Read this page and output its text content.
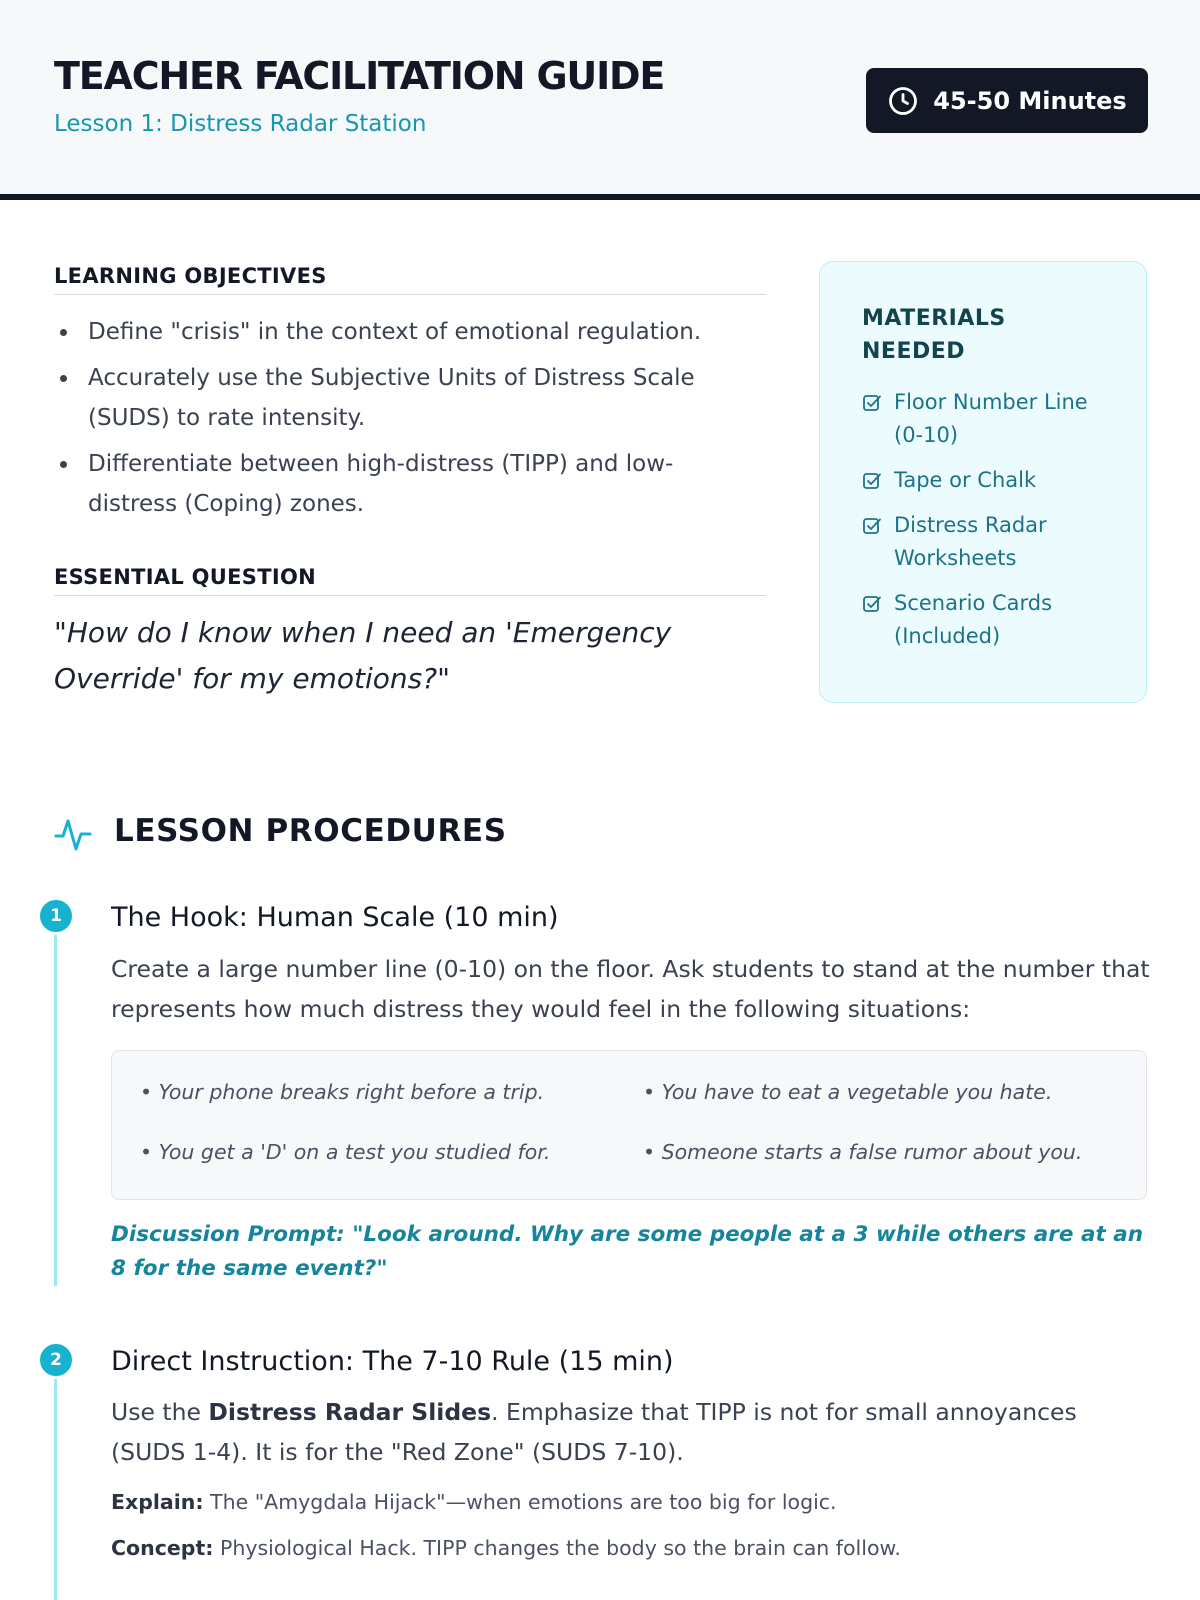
TEACHER FACILITATION GUIDE
Lesson 1: Distress Radar Station
45-50 Minutes
LEARNING OBJECTIVES
Define "crisis" in the context of emotional regulation.
Accurately use the Subjective Units of Distress Scale (SUDS) to rate intensity.
Differentiate between high-distress (TIPP) and low-distress (Coping) zones.
ESSENTIAL QUESTION
"How do I know when I need an 'Emergency Override' for my emotions?"
MATERIALS NEEDED
Floor Number Line (0-10)
Tape or Chalk
Distress Radar Worksheets
Scenario Cards (Included)
LESSON PROCEDURES
1	The Hook: Human Scale (10 min)
Create a large number line (0-10) on the floor. Ask students to stand at the number that represents how much distress they would feel in the following situations:
• Your phone breaks right before a trip.	• You have to eat a vegetable you hate.
• You get a 'D' on a test you studied for.	• Someone starts a false rumor about you.
Discussion Prompt: "Look around. Why are some people at a 3 while others are at an 8 for the same event?"
2	Direct Instruction: The 7-10 Rule (15 min)
Use the Distress Radar Slides. Emphasize that TIPP is not for small annoyances (SUDS 1-4). It is for the "Red Zone" (SUDS 7-10).
Explain: The "Amygdala Hijack"—when emotions are too big for logic.
Concept: Physiological Hack. TIPP changes the body so the brain can follow.
